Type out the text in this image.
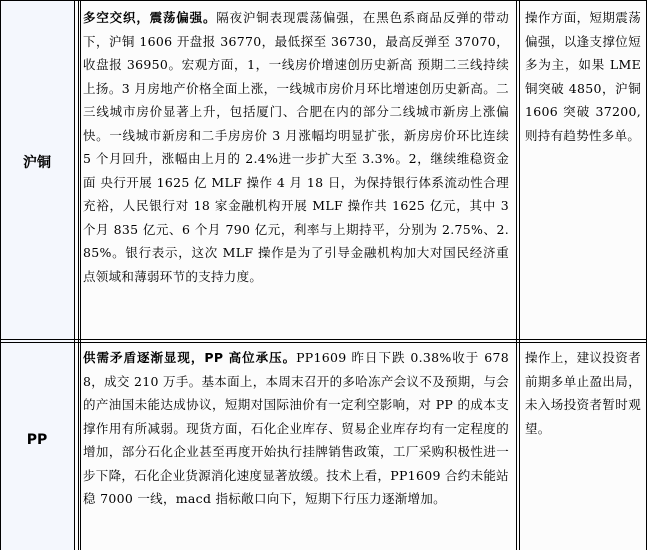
沪铜
多空交织，震荡偏强。隔夜沪铜表现震荡偏强，在黑色系商品反弹的带动下，沪铜 1606 开盘报 36770，最低探至 36730，最高反弹至 37070，收盘报 36950。宏观方面，1，一线房价增速创历史新高 预期二三线持续上扬。3 月房地产价格全面上涨，一线城市房价月环比增速创历史新高。二三线城市房价显著上升，包括厦门、合肥在内的部分二线城市新房上涨偏快。一线城市新房和二手房房价 3 月涨幅均明显扩张，新房房价环比连续 5 个月回升，涨幅由上月的 2.4%进一步扩大至 3.3%。2，继续维稳资金面 央行开展 1625 亿 MLF 操作 4 月 18 日，为保持银行体系流动性合理充裕，人民银行对 18 家金融机构开展 MLF 操作共 1625 亿元，其中 3 个月 835 亿元、6 个月 790 亿元，利率与上期持平，分别为 2.75%、2.85%。银行表示，这次 MLF 操作是为了引导金融机构加大对国民经济重点领域和薄弱环节的支持力度。
操作方面，短期震荡偏强，以逢支撑位短多为主，如果 LME 铜突破 4850，沪铜 1606 突破 37200,则持有趋势性多单。
PP
供需矛盾逐渐显现，PP 高位承压。PP1609 昨日下跌 0.38%收于 6788，成交 210 万手。基本面上，本周末召开的多哈冻产会议不及预期，与会的产油国未能达成协议，短期对国际油价有一定利空影响，对 PP 的成本支撑作用有所减弱。现货方面，石化企业库存、贸易企业库存均有一定程度的增加，部分石化企业甚至再度开始执行挂牌销售政策，工厂采购积极性进一步下降，石化企业货源消化速度显著放缓。技术上看，PP1609 合约未能站稳 7000 一线，macd 指标敞口向下，短期下行压力逐渐增加。
操作上，建议投资者前期多单止盈出局，未入场投资者暂时观望。
